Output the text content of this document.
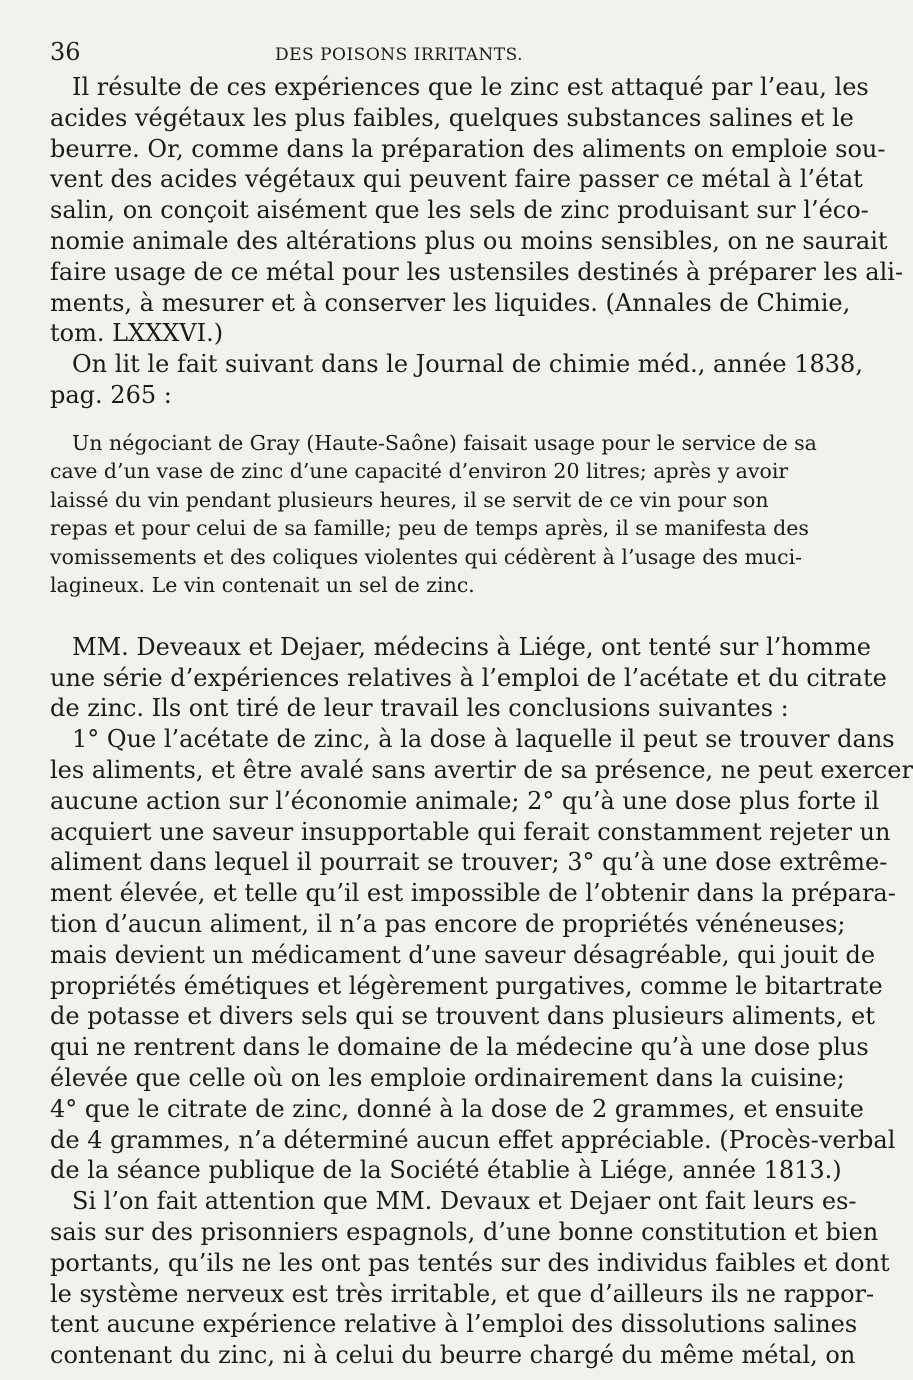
36	DES POISONS IRRITANTS.
Il résulte de ces expériences que le zinc est attaqué par l’eau, les
acides végétaux les plus faibles, quelques substances salines et le
beurre. Or, comme dans la préparation des aliments on emploie sou-
vent des acides végétaux qui peuvent faire passer ce métal à l’état
salin, on conçoit aisément que les sels de zinc produisant sur l’éco-
nomie animale des altérations plus ou moins sensibles, on ne saurait
faire usage de ce métal pour les ustensiles destinés à préparer les ali-
ments, à mesurer et à conserver les liquides. (Annales de Chimie,
tom. LXXXVI.)
On lit le fait suivant dans le Journal de chimie méd., année 1838,
pag. 265 :
Un négociant de Gray (Haute-Saône) faisait usage pour le service de sa
cave d’un vase de zinc d’une capacité d’environ 20 litres; après y avoir
laissé du vin pendant plusieurs heures, il se servit de ce vin pour son
repas et pour celui de sa famille; peu de temps après, il se manifesta des
vomissements et des coliques violentes qui cédèrent à l’usage des muci-
lagineux. Le vin contenait un sel de zinc.
MM. Deveaux et Dejaer, médecins à Liége, ont tenté sur l’homme
une série d’expériences relatives à l’emploi de l’acétate et du citrate
de zinc. Ils ont tiré de leur travail les conclusions suivantes :
1° Que l’acétate de zinc, à la dose à laquelle il peut se trouver dans
les aliments, et être avalé sans avertir de sa présence, ne peut exercer
aucune action sur l’économie animale; 2° qu’à une dose plus forte il
acquiert une saveur insupportable qui ferait constamment rejeter un
aliment dans lequel il pourrait se trouver; 3° qu’à une dose extrême-
ment élevée, et telle qu’il est impossible de l’obtenir dans la prépara-
tion d’aucun aliment, il n’a pas encore de propriétés vénéneuses;
mais devient un médicament d’une saveur désagréable, qui jouit de
propriétés émétiques et légèrement purgatives, comme le bitartrate
de potasse et divers sels qui se trouvent dans plusieurs aliments, et
qui ne rentrent dans le domaine de la médecine qu’à une dose plus
élevée que celle où on les emploie ordinairement dans la cuisine;
4° que le citrate de zinc, donné à la dose de 2 grammes, et ensuite
de 4 grammes, n’a déterminé aucun effet appréciable. (Procès-verbal
de la séance publique de la Société établie à Liége, année 1813.)
Si l’on fait attention que MM. Devaux et Dejaer ont fait leurs es-
sais sur des prisonniers espagnols, d’une bonne constitution et bien
portants, qu’ils ne les ont pas tentés sur des individus faibles et dont
le système nerveux est très irritable, et que d’ailleurs ils ne rappor-
tent aucune expérience relative à l’emploi des dissolutions salines
contenant du zinc, ni à celui du beurre chargé du même métal, on
